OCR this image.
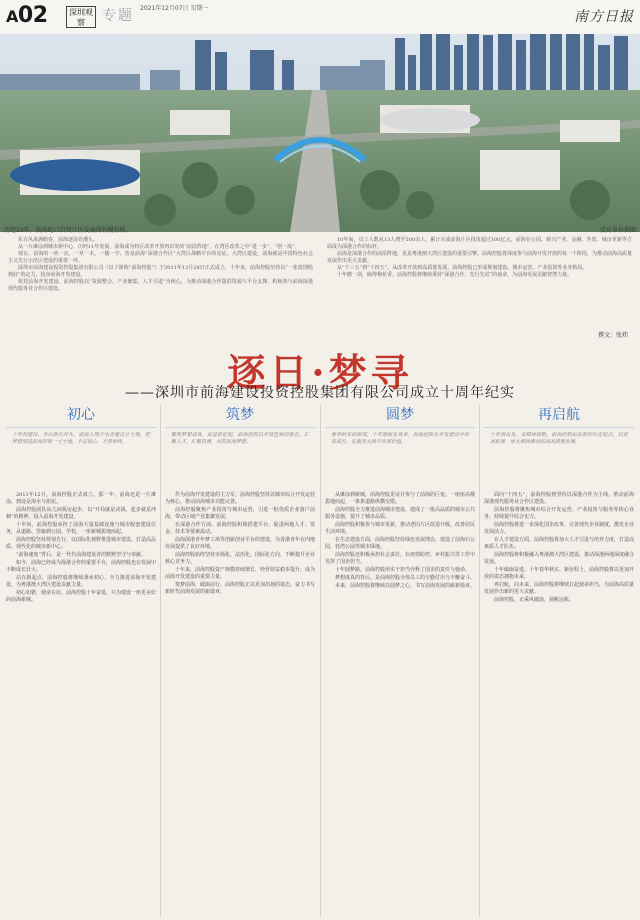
A02	深圳观察	专题 2021年12月07日 星期一
南方日报
历经10年，前海蛇口自贸片区发展得有模有样。	受访单位供图

东方风来满眼春，前海逐浪竞潮头。

从一片滩涂到城市新中心，历经11年发展，前海成为特区改革开放再出发的“前沿阵地”，在湾区改革之中“进一步”，“创一流”。

现在，前海的一砖一瓦，一草一木，一楼一宇，皆是前海“深港合作区”大湾区战略平台的见证。大湾区建设，前海就是中国特色社会主义先行示范区建设的重要一环。

深圳市前海建设投资控股集团有限公司（以下简称“前海控股”）于2011年12月28日正式成立，十年来，前海控股坚持以“一张蓝图绘到底”的定力，投身前海开发建设。

依托前海开发建设，前海控股以“资源整合、产业聚集、人才引进”为核心，为推动深港合作提供资源与平台支撑，积极参与前海深港现代服务业合作区建设。

10年间，员工人数从13人增至500余人，累计完成前海片区投资超过100亿元，前海在公园、新兴产业、金融、外贸、城市更新等方面成为深港合作的标杆。

前海是深港合作的前沿阵地，更是粤港澳大湾区建设的重要引擎。前海控股将深度参与前海开发开放的每一个阶段，为推动前海高质量发展作出更大贡献。

从“十三五”到“十四五”，从改革开放到高质量发展，前海控股已形成规划建设、城市运营、产业投资等业务格局。

十年磨一剑，砺得梅花香。前海控股将继续秉持“深港合作、先行先试”的使命，为前海发展贡献智慧力量。

撰文：张炜
逐日·梦寻
——深圳市前海建设投资控股集团有限公司成立十周年纪实
初心
十年初建设，开山凿石开头。前海人用汗水浇灌这片土地，把梦想刻进前海的每一寸土地，不忘初心，方得始终。

2011年12月，前海控股正式成立。那一年，前海还是一片滩涂，到处是海水与淤泥。

前海控股团队从几间板房起步，以“开局就是决战，起步就是冲刺”的精神，投入前海开发建设。

十年间，前海控股承担了前海大量基础设施与城市配套建设任务，从道路、管廊到公园、学校，一座新城拔地而起。

前海控股坚持规划先行，以国际化视野推进城市建设，打造高品质、现代化的城市新中心。

“前海速度”背后，是一代代前海建设者的默默坚守与奉献。

如今，前海已经成为深港合作的重要平台，前海控股也在发展中不断成长壮大。

站在新起点，前海控股将继续秉承初心，全力推进前海开发建设，为粤港澳大湾区建设贡献力量。

初心如磐，使命在肩。前海控股十年奋进，只为建设一座更美好的前海新城。

筑梦
聚焦梦想成真，奋进新征程。前海控股以开放包容的姿态，汇聚人才、汇聚资源，共筑前海梦想。

作为前海开发建设的主力军，前海控股坚持以城市综合开发运营为核心，推动前海城市功能完善。

前海控股聚焦产业投资与城市运营，引进一批优质企业落户前海，带动区域产业集聚发展。

在深港合作方面，前海控股积极搭建平台，促进两地人才、资金、技术等要素流动。

前海深港青年梦工场等创新创业平台的建设，为香港青年在内地发展提供了良好环境。

前海控股始终坚持市场化、法治化、国际化方向，不断提升企业核心竞争力。

十年来，前海控股资产规模持续增长，经营效益稳步提升，成为前海开发建设的重要力量。

筑梦前海，砥砺前行。前海控股正以更加昂扬的姿态，奋力书写新时代前海发展的新篇章。

圆梦
春华秋实结硕果，十年磨砺见真章。前海控股在开发建设中收获成长，在服务大局中实现价值。

从滩涂到新城，前海控股见证并参与了前海的巨变。一座座高楼拔地而起，一条条道路纵横交错。

前海控股全力推进前海城市建设，建成了一批高品质的城市公共服务设施，提升了城市品质。

前海控股积极参与城市更新，推动老旧片区改造升级，改善居民生活环境。

在生态建设方面，前海控股坚持绿色发展理念，建设了前海石公园、桂湾公园等城市绿地。

前海控股还积极承担社会责任，在疫情防控、乡村振兴等工作中发挥了国企担当。

十年圆梦路，前海控股用实干担当诠释了国企的责任与使命。

梦想成真的背后，是前海控股全体员工的辛勤付出与不懈奋斗。

未来，前海控股将继续以圆梦之心，书写前海发展的崭新篇章。

再启航
十年再出发，奋楫再扬帆。前海控股站在新的历史起点，以更高标准、更大格局推动前海高质量发展。

面向“十四五”，前海控股将坚持以深港合作为主线，推动前海深港现代服务业合作区建设。

前海控股将聚焦城市综合开发运营、产业投资与服务等核心业务，持续提升综合实力。

前海控股将进一步深化国企改革，完善现代企业制度，激发企业发展活力。

在人才建设方面，前海控股将加大人才引进与培养力度，打造高素质人才队伍。

前海控股将积极融入粤港澳大湾区建设，推动深港两地深度融合发展。

十年砥砺奋进，十年春华秋实。新征程上，前海控股将以更加开放的姿态拥抱未来。

再启航，向未来。前海控股将继续扛起使命担当，为前海高质量发展作出新的更大贡献。

前海控股，正乘风破浪，扬帆远航。
